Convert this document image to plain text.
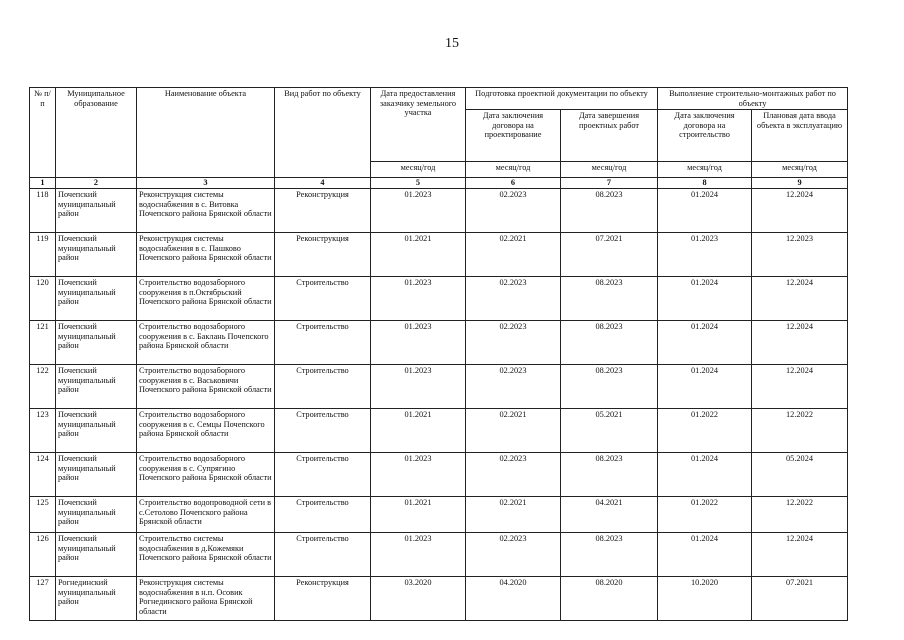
15
№ п/п	Муниципальное образование	Наименование объекта	Вид работ по объекту	Дата предоставления заказчику земельного участка	Подготовка проектной документации по объекту		Выполнение строительно-монтажных работ по объекту	
					Дата заключения договора на проектирование	Дата завершения проектных работ	Дата заключения договора на строительство	Плановая дата ввода объекта в эксплуатацию
				месяц/год	месяц/год	месяц/год	месяц/год	месяц/год
1	2	3	4	5	6	7	8	9
118	Почепский муниципальный район	Реконструкция системы водоснабжения в с. Витовка Почепского района Брянской области	Реконструкция	01.2023	02.2023	08.2023	01.2024	12.2024
119	Почепский муниципальный район	Реконструкция системы водоснабжения в с. Пашково Почепского района Брянской области	Реконструкция	01.2021	02.2021	07.2021	01.2023	12.2023
120	Почепский муниципальный район	Строительство водозаборного сооружения в п.Октябрьский Почепского района Брянской области	Строительство	01.2023	02.2023	08.2023	01.2024	12.2024
121	Почепский муниципальный район	Строительство водозаборного сооружения в с. Баклань Почепского района Брянской области	Строительство	01.2023	02.2023	08.2023	01.2024	12.2024
122	Почепский муниципальный район	Строительство водозаборного сооружения в с. Васьковичи Почепского района Брянской области	Строительство	01.2023	02.2023	08.2023	01.2024	12.2024
123	Почепский муниципальный район	Строительство водозаборного сооружения в с. Семцы Почепского района Брянской области	Строительство	01.2021	02.2021	05.2021	01.2022	12.2022
124	Почепский муниципальный район	Строительство водозаборного сооружения в с. Супрягино Почепского района Брянской области	Строительство	01.2023	02.2023	08.2023	01.2024	05.2024
125	Почепский муниципальный район	Строительство водопроводной сети в с.Сетолово Почепского района Брянской области	Строительство	01.2021	02.2021	04.2021	01.2022	12.2022
126	Почепский муниципальный район	Строительство системы водоснабжения в д.Кожемяки Почепского района Брянской области	Строительство	01.2023	02.2023	08.2023	01.2024	12.2024
127	Рогнединский муниципальный район	Реконструкция системы водоснабжения в н.п. Осовик Рогнединского района Брянской области	Реконструкция	03.2020	04.2020	08.2020	10.2020	07.2021
